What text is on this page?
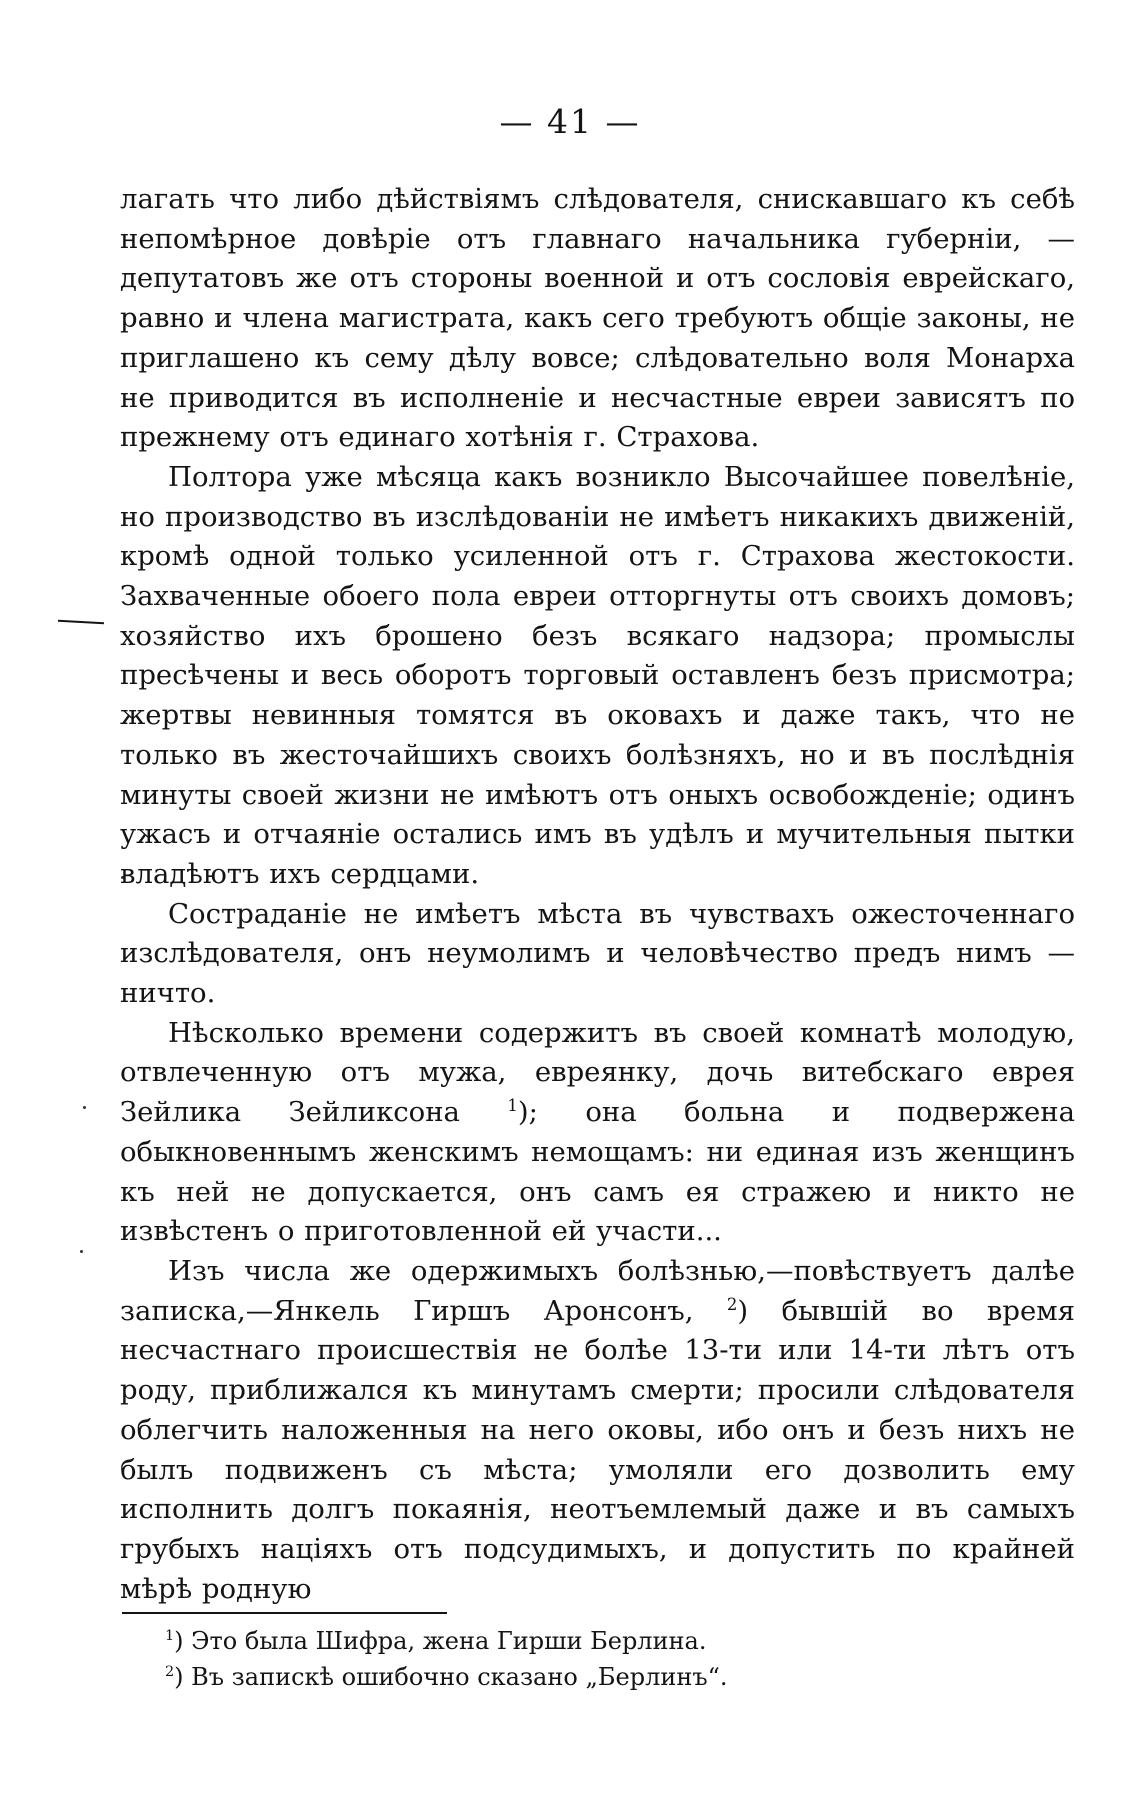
— 41 —

лагать что либо дѣйствіямъ слѣдователя, снискавшаго къ себѣ непомѣрное довѣріе отъ главнаго начальника губерніи, — депутатовъ же отъ стороны военной и отъ сословія еврейскаго, равно и члена магистрата, какъ сего требуютъ общіе законы, не приглашено къ сему дѣлу вовсе; слѣдовательно воля Монарха не приводится въ исполненіе и несчастные евреи зависятъ по прежнему отъ единаго хотѣнія г. Страхова.

Полтора уже мѣсяца какъ возникло Высочайшее повелѣніе, но производство въ изслѣдованіи не имѣетъ никакихъ движеній, кромѣ одной только усиленной отъ г. Страхова жестокости. Захваченные обоего пола евреи отторгнуты отъ своихъ домовъ; хозяйство ихъ брошено безъ всякаго надзора; промыслы пресѣчены и весь оборотъ торговый оставленъ безъ присмотра; жертвы невинныя томятся въ оковахъ и даже такъ, что не только въ жесточайшихъ своихъ болѣзняхъ, но и въ послѣднія минуты своей жизни не имѣютъ отъ оныхъ освобожденіе; одинъ ужасъ и отчаяніе остались имъ въ удѣлъ и мучительныя пытки владѣютъ ихъ сердцами.

Сострадaніе не имѣетъ мѣста въ чувствахъ ожесточеннаго изслѣдователя, онъ неумолимъ и человѣчество предъ нимъ — ничто.

Нѣсколько времени содержитъ въ своей комнатѣ молодую, отвлеченную отъ мужа, евреянку, дочь витебскаго еврея Зейлика Зейликсона $^1$); она больна и подвержена обыкновеннымъ женскимъ немощамъ: ни единая изъ женщинъ къ ней не допускается, онъ самъ ея стражею и никто не извѣстенъ о приготовленной ей участи...

Изъ числа же одержимыхъ болѣзнью,—повѣствуетъ далѣе записка,—Янкель Гиршъ Аронсонъ, $^2$) бывшій во время несчастнаго происшествія не болѣе 13-ти или 14-ти лѣтъ отъ роду, приближался къ минутамъ смерти; просили слѣдователя облегчить наложенныя на него оковы, ибо онъ и безъ нихъ не былъ подвиженъ съ мѣста; умоляли его дозволить ему исполнить долгъ покаянія, неотъемлемый даже и въ самыхъ грубыхъ націяхъ отъ подсудимыхъ, и допустить по крайней мѣрѣ родную

$^1$) Это была Шифра, жена Гирши Берлина.
$^2$) Въ запискѣ ошибочно сказано „Берлинъ“.
